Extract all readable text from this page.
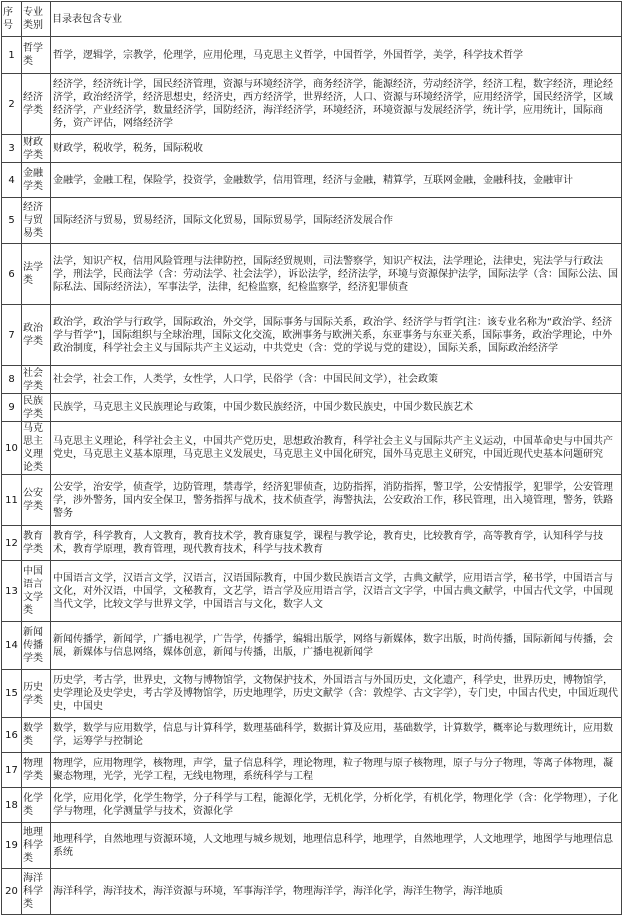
序号	专业类别	目录表包含专业
1	哲学类	哲学，逻辑学，宗教学，伦理学，应用伦理，马克思主义哲学，中国哲学，外国哲学，美学，科学技术哲学
2	经济学类	经济学，经济统计学，国民经济管理，资源与环境经济学，商务经济学，能源经济，劳动经济学，经济工程，数字经济，理论经济学，政治经济学，经济思想史，经济史，西方经济学，世界经济，人口、资源与环境经济学，应用经济学，国民经济学，区域经济学，产业经济学，数量经济学，国防经济，海洋经济学，环境经济，环境资源与发展经济学，统计学，应用统计，国际商务，资产评估，网络经济学
3	财政学类	财政学，税收学，税务，国际税收
4	金融学类	金融学，金融工程，保险学，投资学，金融数学，信用管理，经济与金融，精算学，互联网金融，金融科技，金融审计
5	经济与贸易类	国际经济与贸易，贸易经济，国际文化贸易，国际贸易学，国际经济发展合作
6	法学类	法学，知识产权，信用风险管理与法律防控，国际经贸规则，司法警察学，知识产权法，法学理论，法律史，宪法学与行政法学，刑法学，民商法学（含：劳动法学、社会法学），诉讼法学，经济法学，环境与资源保护法学，国际法学（含：国际公法、国际私法、国际经济法），军事法学，法律，纪检监察，纪检监察学，经济犯罪侦查
7	政治学类	政治学，政治学与行政学，国际政治，外交学，国际事务与国际关系，政治学、经济学与哲学[注：该专业名称为“政治学、经济学与哲学”]，国际组织与全球治理，国际文化交流，欧洲事务与欧洲关系，东亚事务与东亚关系，国际事务，政治学理论，中外政治制度，科学社会主义与国际共产主义运动，中共党史（含：党的学说与党的建设），国际关系，国际政治经济学
8	社会学类	社会学，社会工作，人类学，女性学，人口学，民俗学（含：中国民间文学），社会政策
9	民族学类	民族学，马克思主义民族理论与政策，中国少数民族经济，中国少数民族史，中国少数民族艺术
10	马克思主义理论类	马克思主义理论，科学社会主义，中国共产党历史，思想政治教育，科学社会主义与国际共产主义运动，中国革命史与中国共产党史，马克思主义基本原理，马克思主义发展史，马克思主义中国化研究，国外马克思主义研究，中国近现代史基本问题研究
11	公安学类	公安学，治安学，侦查学，边防管理，禁毒学，经济犯罪侦查，边防指挥，消防指挥，警卫学，公安情报学，犯罪学，公安管理学，涉外警务，国内安全保卫，警务指挥与战术，技术侦查学，海警执法，公安政治工作，移民管理，出入境管理，警务，铁路警务
12	教育学类	教育学，科学教育，人文教育，教育技术学，教育康复学，课程与教学论，教育史，比较教育学，高等教育学，认知科学与技术，教育学原理，教育管理，现代教育技术，科学与技术教育
13	中国语言文学类	中国语言文学，汉语言文学，汉语言，汉语国际教育，中国少数民族语言文学，古典文献学，应用语言学，秘书学，中国语言与文化，对外汉语，中国学，文秘教育，文艺学，语言学及应用语言学，汉语言文字学，中国古典文献学，中国古代文学，中国现当代文学，比较文学与世界文学，中国语言与文化，数字人文
14	新闻传播学类	新闻传播学，新闻学，广播电视学，广告学，传播学，编辑出版学，网络与新媒体，数字出版，时尚传播，国际新闻与传播，会展，新媒体与信息网络，媒体创意，新闻与传播，出版，广播电视新闻学
15	历史学类	历史学，考古学，世界史，文物与博物馆学，文物保护技术，外国语言与外国历史，文化遗产，科学史，世界历史，博物馆学，史学理论及史学史，考古学及博物馆学，历史地理学，历史文献学（含：敦煌学、古文字学），专门史，中国古代史，中国近现代史，中国史
16	数学类	数学，数学与应用数学，信息与计算科学，数理基础科学，数据计算及应用，基础数学，计算数学，概率论与数理统计，应用数学，运筹学与控制论
17	物理学类	物理学，应用物理学，核物理，声学，量子信息科学，理论物理，粒子物理与原子核物理，原子与分子物理，等离子体物理，凝聚态物理，光学，光学工程，无线电物理，系统科学与工程
18	化学类	化学，应用化学，化学生物学，分子科学与工程，能源化学，无机化学，分析化学，有机化学，物理化学（含：化学物理），子化学与物理，化学测量学与技术，资源化学
19	地理科学类	地理科学，自然地理与资源环境，人文地理与城乡规划，地理信息科学，地理学，自然地理学，人文地理学，地图学与地理信息系统
20	海洋科学类	海洋科学，海洋技术，海洋资源与环境，军事海洋学，物理海洋学，海洋化学，海洋生物学，海洋地质
